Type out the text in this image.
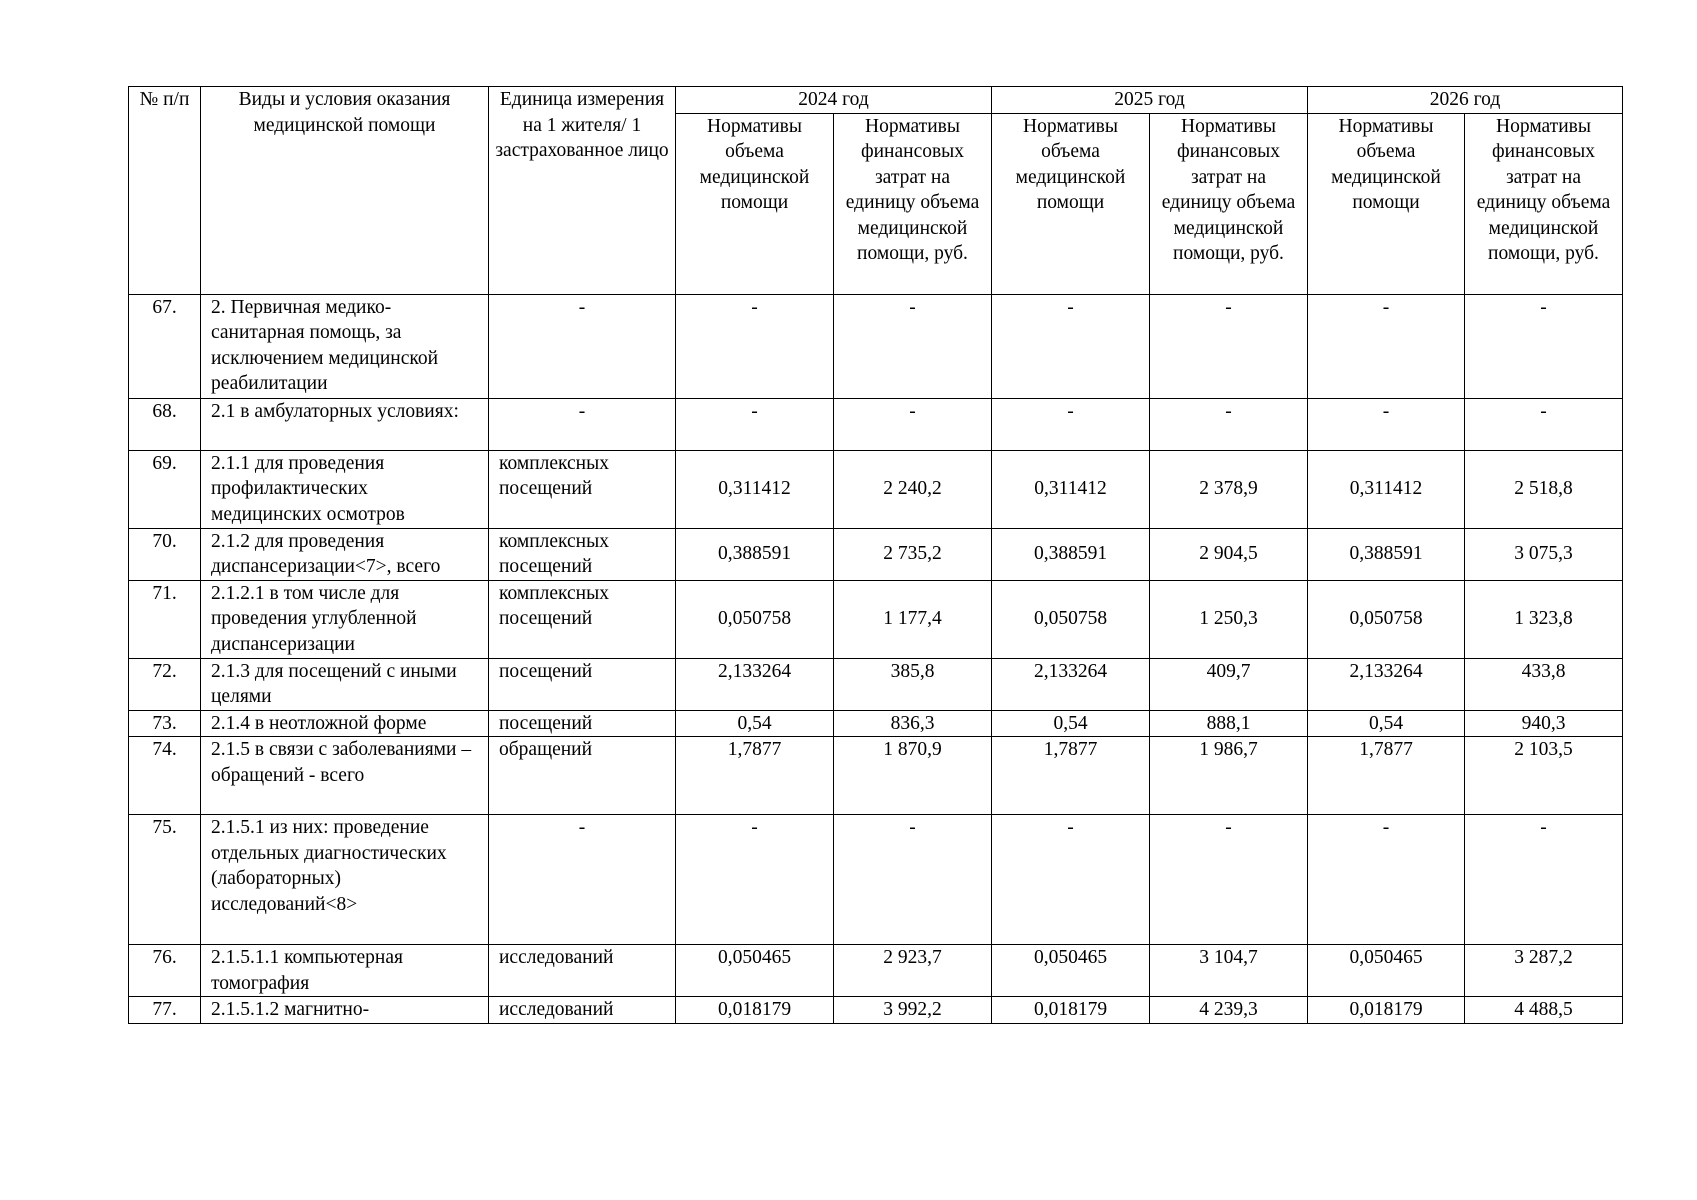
№ п/п	Виды и условия оказания медицинской помощи	Единица измерения на 1 жителя/ 1 застрахованное лицо	2024 год		2025 год		2026 год	
			Нормативы объема медицинской помощи	Нормативы финансовых затрат на единицу объема медицинской помощи, руб.	Нормативы объема медицинской помощи	Нормативы финансовых затрат на единицу объема медицинской помощи, руб.	Нормативы объема медицинской помощи	Нормативы финансовых затрат на единицу объема медицинской помощи, руб.
67.	2. Первичная медико-санитарная помощь, за исключением медицинской реабилитации	-	-	-	-	-	-	-
68.	2.1 в амбулаторных условиях:	-	-	-	-	-	-	-
69.	2.1.1 для проведения профилактических медицинских осмотров	комплексных посещений	0,311412	2 240,2	0,311412	2 378,9	0,311412	2 518,8
70.	2.1.2 для проведения диспансеризации<7>, всего	комплексных посещений	0,388591	2 735,2	0,388591	2 904,5	0,388591	3 075,3
71.	2.1.2.1 в том числе для проведения углубленной диспансеризации	комплексных посещений	0,050758	1 177,4	0,050758	1 250,3	0,050758	1 323,8
72.	2.1.3 для посещений с иными целями	посещений	2,133264	385,8	2,133264	409,7	2,133264	433,8
73.	2.1.4 в неотложной форме	посещений	0,54	836,3	0,54	888,1	0,54	940,3
74.	2.1.5 в связи с заболеваниями – обращений - всего	обращений	1,7877	1 870,9	1,7877	1 986,7	1,7877	2 103,5
75.	2.1.5.1 из них: проведение отдельных диагностических (лабораторных) исследований<8>	-	-	-	-	-	-	-
76.	2.1.5.1.1 компьютерная томография	исследований	0,050465	2 923,7	0,050465	3 104,7	0,050465	3 287,2
77.	2.1.5.1.2 магнитно-	исследований	0,018179	3 992,2	0,018179	4 239,3	0,018179	4 488,5
